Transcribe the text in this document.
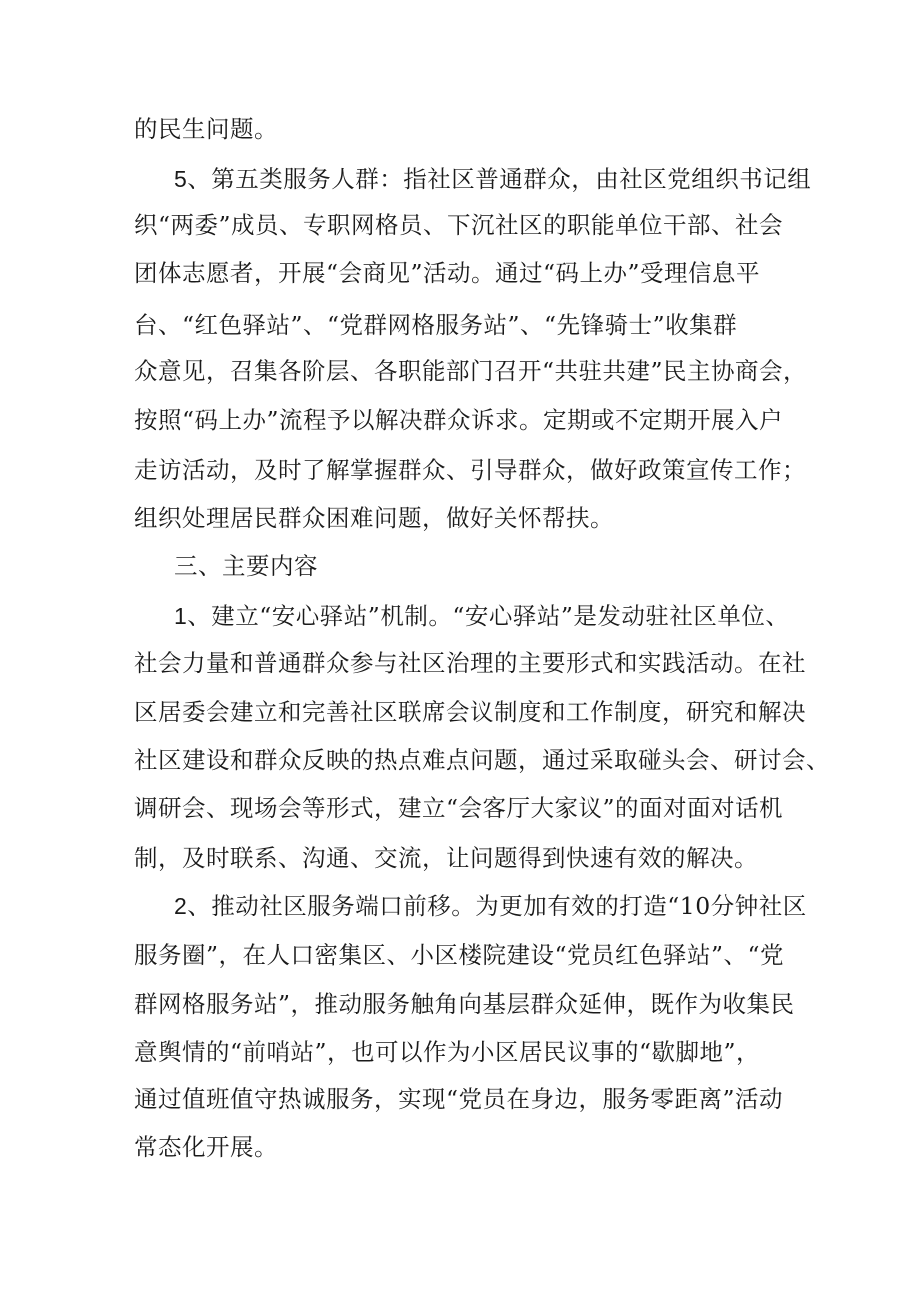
的民生问题。

5、第五类服务人群：指社区普通群众，由社区党组织书记组

织“两委”成员、专职网格员、下沉社区的职能单位干部、社会

团体志愿者，开展“会商见”活动。通过“码上办”受理信息平

台、“红色驿站”、“党群网格服务站”、“先锋骑士”收集群

众意见，召集各阶层、各职能部门召开“共驻共建”民主协商会，

按照“码上办”流程予以解决群众诉求。定期或不定期开展入户

走访活动，及时了解掌握群众、引导群众，做好政策宣传工作；

组织处理居民群众困难问题，做好关怀帮扶。

三、主要内容

1、建立“安心驿站”机制。“安心驿站”是发动驻社区单位、

社会力量和普通群众参与社区治理的主要形式和实践活动。在社

区居委会建立和完善社区联席会议制度和工作制度，研究和解决

社区建设和群众反映的热点难点问题，通过采取碰头会、研讨会、

调研会、现场会等形式，建立“会客厅大家议”的面对面对话机

制，及时联系、沟通、交流，让问题得到快速有效的解决。

2、推动社区服务端口前移。为更加有效的打造“10分钟社区

服务圈”，在人口密集区、小区楼院建设“党员红色驿站”、“党

群网格服务站”，推动服务触角向基层群众延伸，既作为收集民

意舆情的“前哨站”，也可以作为小区居民议事的“歇脚地”，

通过值班值守热诚服务，实现“党员在身边，服务零距离”活动

常态化开展。
